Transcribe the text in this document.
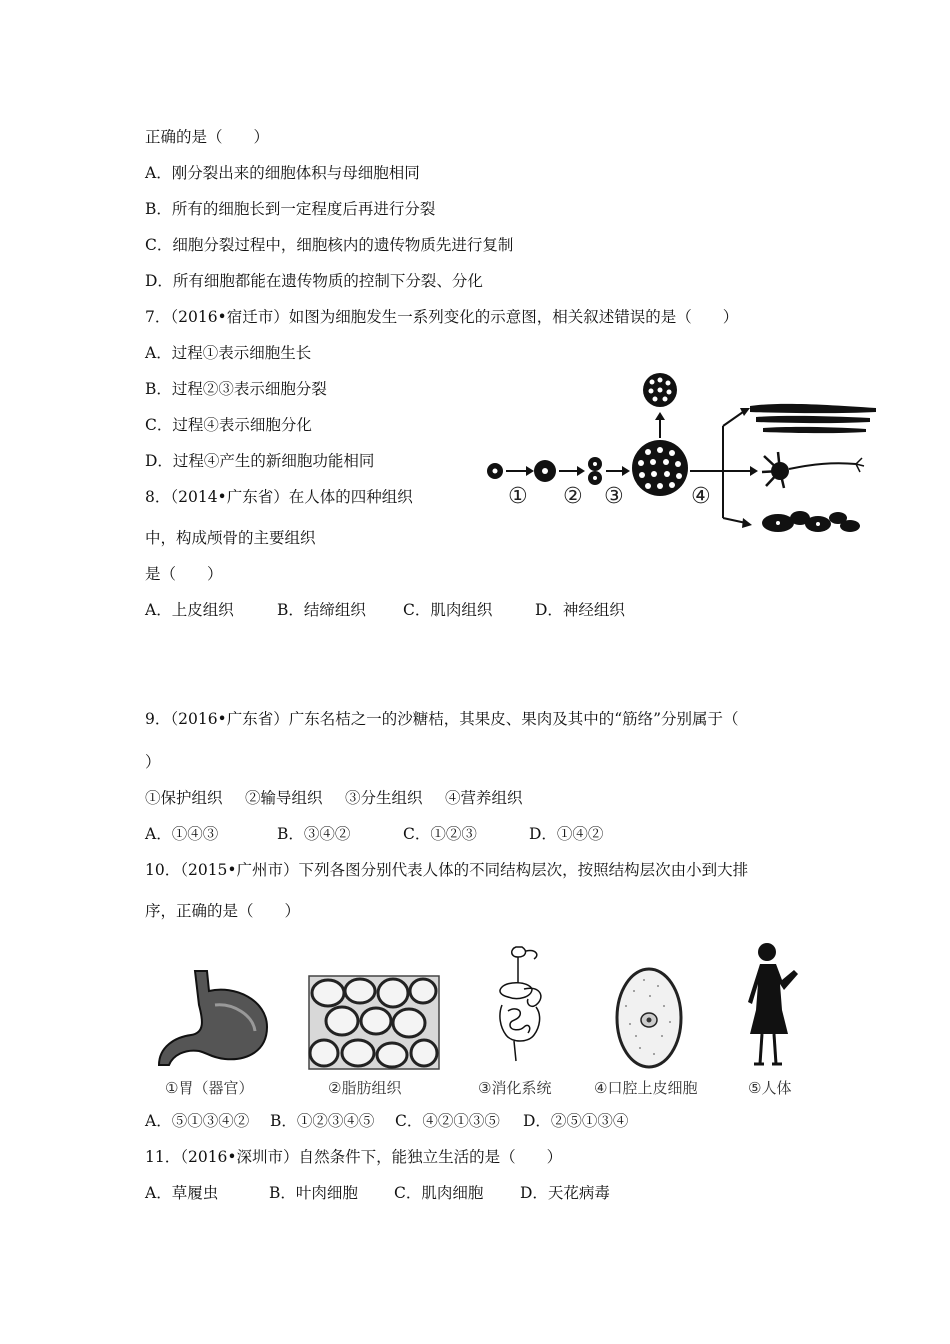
正确的是（　　）
A．刚分裂出来的细胞体积与母细胞相同
B．所有的细胞长到一定程度后再进行分裂
C．细胞分裂过程中，细胞核内的遗传物质先进行复制
D．所有细胞都能在遗传物质的控制下分裂、分化
7．（2016•宿迁市）如图为细胞发生一系列变化的示意图，相关叙述错误的是（　　）
A．过程①表示细胞生长
B．过程②③表示细胞分裂
C．过程④表示细胞分化
D．过程④产生的新细胞功能相同
① ② ③	④
8．（2014•广东省）在人体的四种组织
中，构成颅骨的主要组织
是（　　）
A．上皮组织	B．结缔组织 C．肌肉组织	D．神经组织
9．（2016•广东省）广东名桔之一的沙糖桔，其果皮、果肉及其中的“筋络”分别属于（
）
①保护组织 ②输导组织 ③分生组织 ④营养组织
A．①④③	B．③④②	C．①②③	D．①④②
10．（2015•广州市）下列各图分别代表人体的不同结构层次，按照结构层次由小到大排
序，正确的是（　　）
①胃（器官）	②脂肪组织	③消化系统	④口腔上皮细胞	⑤人体
A．⑤①③④② B．①②③④⑤ C．④②①③⑤ D．②⑤①③④
11．（2016•深圳市）自然条件下，能独立生活的是（　　）
A．草履虫	B．叶肉细胞 C．肌肉细胞 D．天花病毒
